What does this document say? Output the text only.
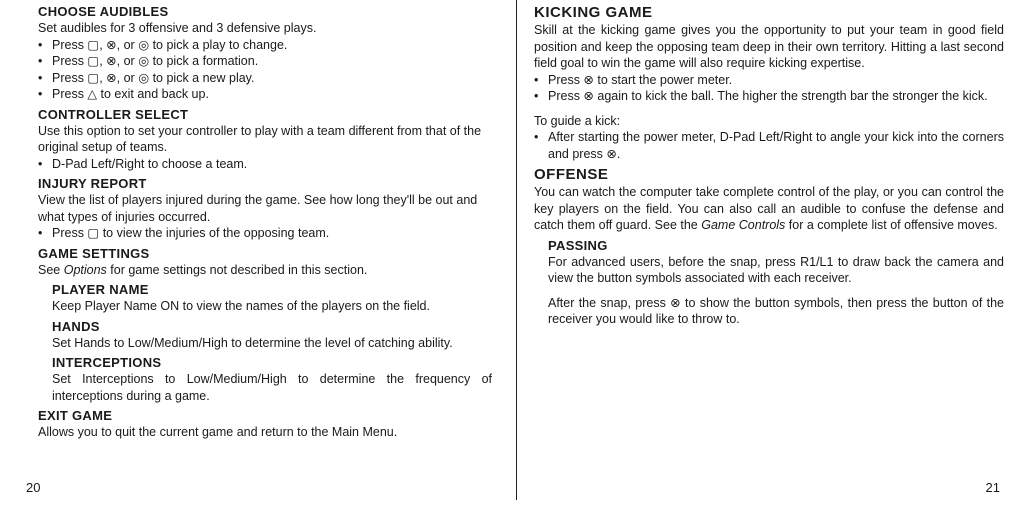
CHOOSE AUDIBLES

Set audibles for 3 offensive and 3 defensive plays.

• Press ▢, ⊗, or ◎ to pick a play to change.
• Press ▢, ⊗, or ◎ to pick a formation.
• Press ▢, ⊗, or ◎ to pick a new play.
• Press △ to exit and back up.
CONTROLLER SELECT

Use this option to set your controller to play with a team different from that of the original setup of teams.

• D-Pad Left/Right to choose a team.
INJURY REPORT

View the list of players injured during the game. See how long they'll be out and what types of injuries occurred.

• Press ▢ to view the injuries of the opposing team.
GAME SETTINGS

See Options for game settings not described in this section.

PLAYER NAME

Keep Player Name ON to view the names of the players on the field.

HANDS

Set Hands to Low/Medium/High to determine the level of catching ability.

INTERCEPTIONS

Set Interceptions to Low/Medium/High to determine the frequency of interceptions during a game.

EXIT GAME

Allows you to quit the current game and return to the Main Menu.

20
KICKING GAME

Skill at the kicking game gives you the opportunity to put your team in good field position and keep the opposing team deep in their own territory. Hitting a last second field goal to win the game will also require kicking expertise.

• Press ⊗ to start the power meter.
• Press ⊗ again to kick the ball. The higher the strength bar the stronger the kick.

To guide a kick:

• After starting the power meter, D-Pad Left/Right to angle your kick into the corners and press ⊗.
OFFENSE

You can watch the computer take complete control of the play, or you can control the key players on the field. You can also call an audible to confuse the defense and catch them off guard. See the Game Controls for a complete list of offensive moves.

PASSING

For advanced users, before the snap, press R1/L1 to draw back the camera and view the button symbols associated with each receiver.

After the snap, press ⊗ to show the button symbols, then press the button of the receiver you would like to throw to.

21
